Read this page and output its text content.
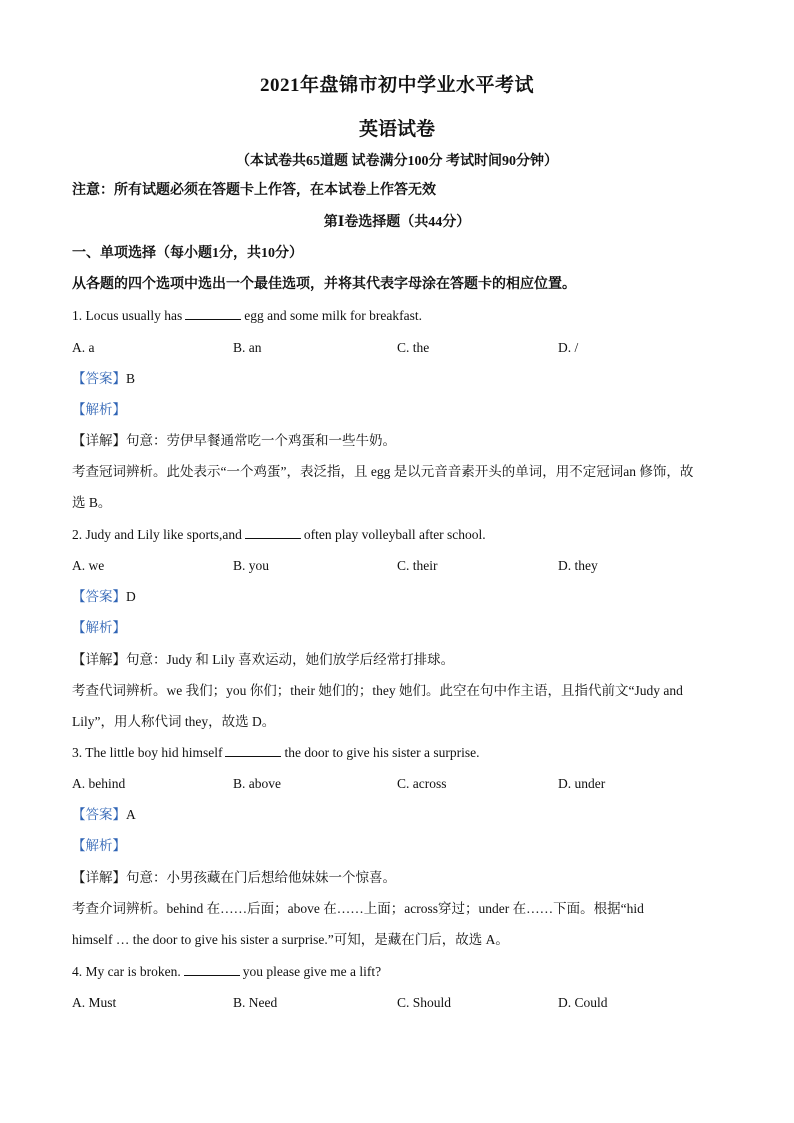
2021年盘锦市初中学业水平考试
英语试卷
（本试卷共65道题 试卷满分100分 考试时间90分钟）
注意：所有试题必须在答题卡上作答，在本试卷上作答无效
第Ⅰ卷选择题（共44分）
一、单项选择（每小题1分，共10分）
从各题的四个选项中选出一个最佳选项，并将其代表字母涂在答题卡的相应位置。
1. Locus usually has	egg and some milk for breakfast.
A. a	B. an	C. the	D. /
【答案】B
【解析】
【详解】句意：劳伊早餐通常吃一个鸡蛋和一些牛奶。
考查冠词辨析。此处表示“一个鸡蛋”，表泛指，且 egg 是以元音音素开头的单词，用不定冠词an 修饰，故
选 B。
2. Judy and Lily like sports,and	often play volleyball after school.
A. we	B. you	C. their	D. they
【答案】D
【解析】
【详解】句意：Judy 和 Lily 喜欢运动，她们放学后经常打排球。
考查代词辨析。we 我们；you 你们；their 她们的；they 她们。此空在句中作主语，且指代前文“Judy and
Lily”，用人称代词 they，故选 D。
3. The little boy hid himself	the door to give his sister a surprise.
A. behind	B. above	C. across	D. under
【答案】A
【解析】
【详解】句意：小男孩藏在门后想给他妹妹一个惊喜。
考查介词辨析。behind 在……后面；above 在……上面；across穿过；under 在……下面。根据“hid
himself … the door to give his sister a surprise.”可知，是藏在门后，故选 A。
4. My car is broken.	you please give me a lift?
A. Must	B. Need	C. Should	D. Could
